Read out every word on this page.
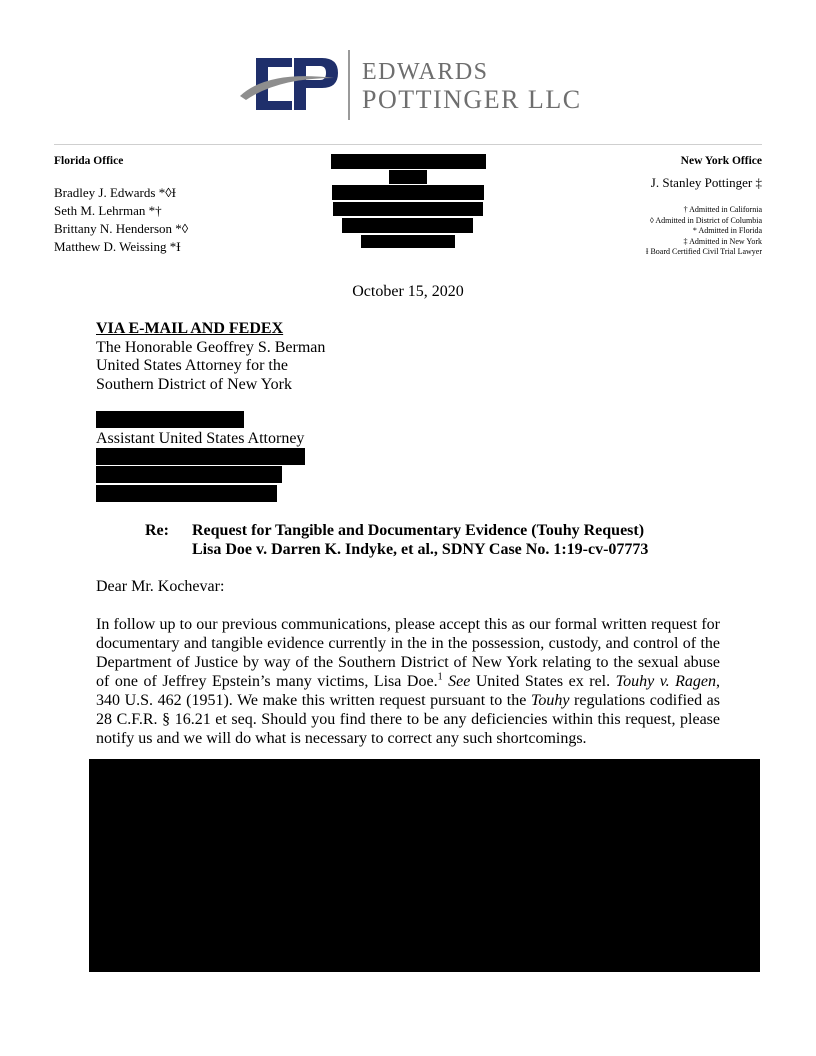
EDWARDS
POTTINGER LLC
Florida Office
Bradley J. Edwards *◊Ɨ
Seth M. Lehrman *†
Brittany N. Henderson *◊
Matthew D. Weissing *Ɨ
New York Office
J. Stanley Pottinger ‡
† Admitted in California
◊ Admitted in District of Columbia
* Admitted in Florida
‡ Admitted in New York
Ɨ Board Certified Civil Trial Lawyer
October 15, 2020
VIA E-MAIL AND FEDEX
The Honorable Geoffrey S. Berman
United States Attorney for the
Southern District of New York
Assistant United States Attorney
Re: Request for Tangible and Documentary Evidence (Touhy Request)
Lisa Doe v. Darren K. Indyke, et al., SDNY Case No. 1:19-cv-07773
Dear Mr. Kochevar:

In follow up to our previous communications, please accept this as our formal written request for documentary and tangible evidence currently in the in the possession, custody, and control of the Department of Justice by way of the Southern District of New York relating to the sexual abuse of one of Jeffrey Epstein’s many victims, Lisa Doe.$^1$ See United States ex rel. Touhy v. Ragen, 340 U.S. 462 (1951). We make this written request pursuant to the Touhy regulations codified as 28 C.F.R. § 16.21 et seq. Should you find there to be any deficiencies within this request, please notify us and we will do what is necessary to correct any such shortcomings.
